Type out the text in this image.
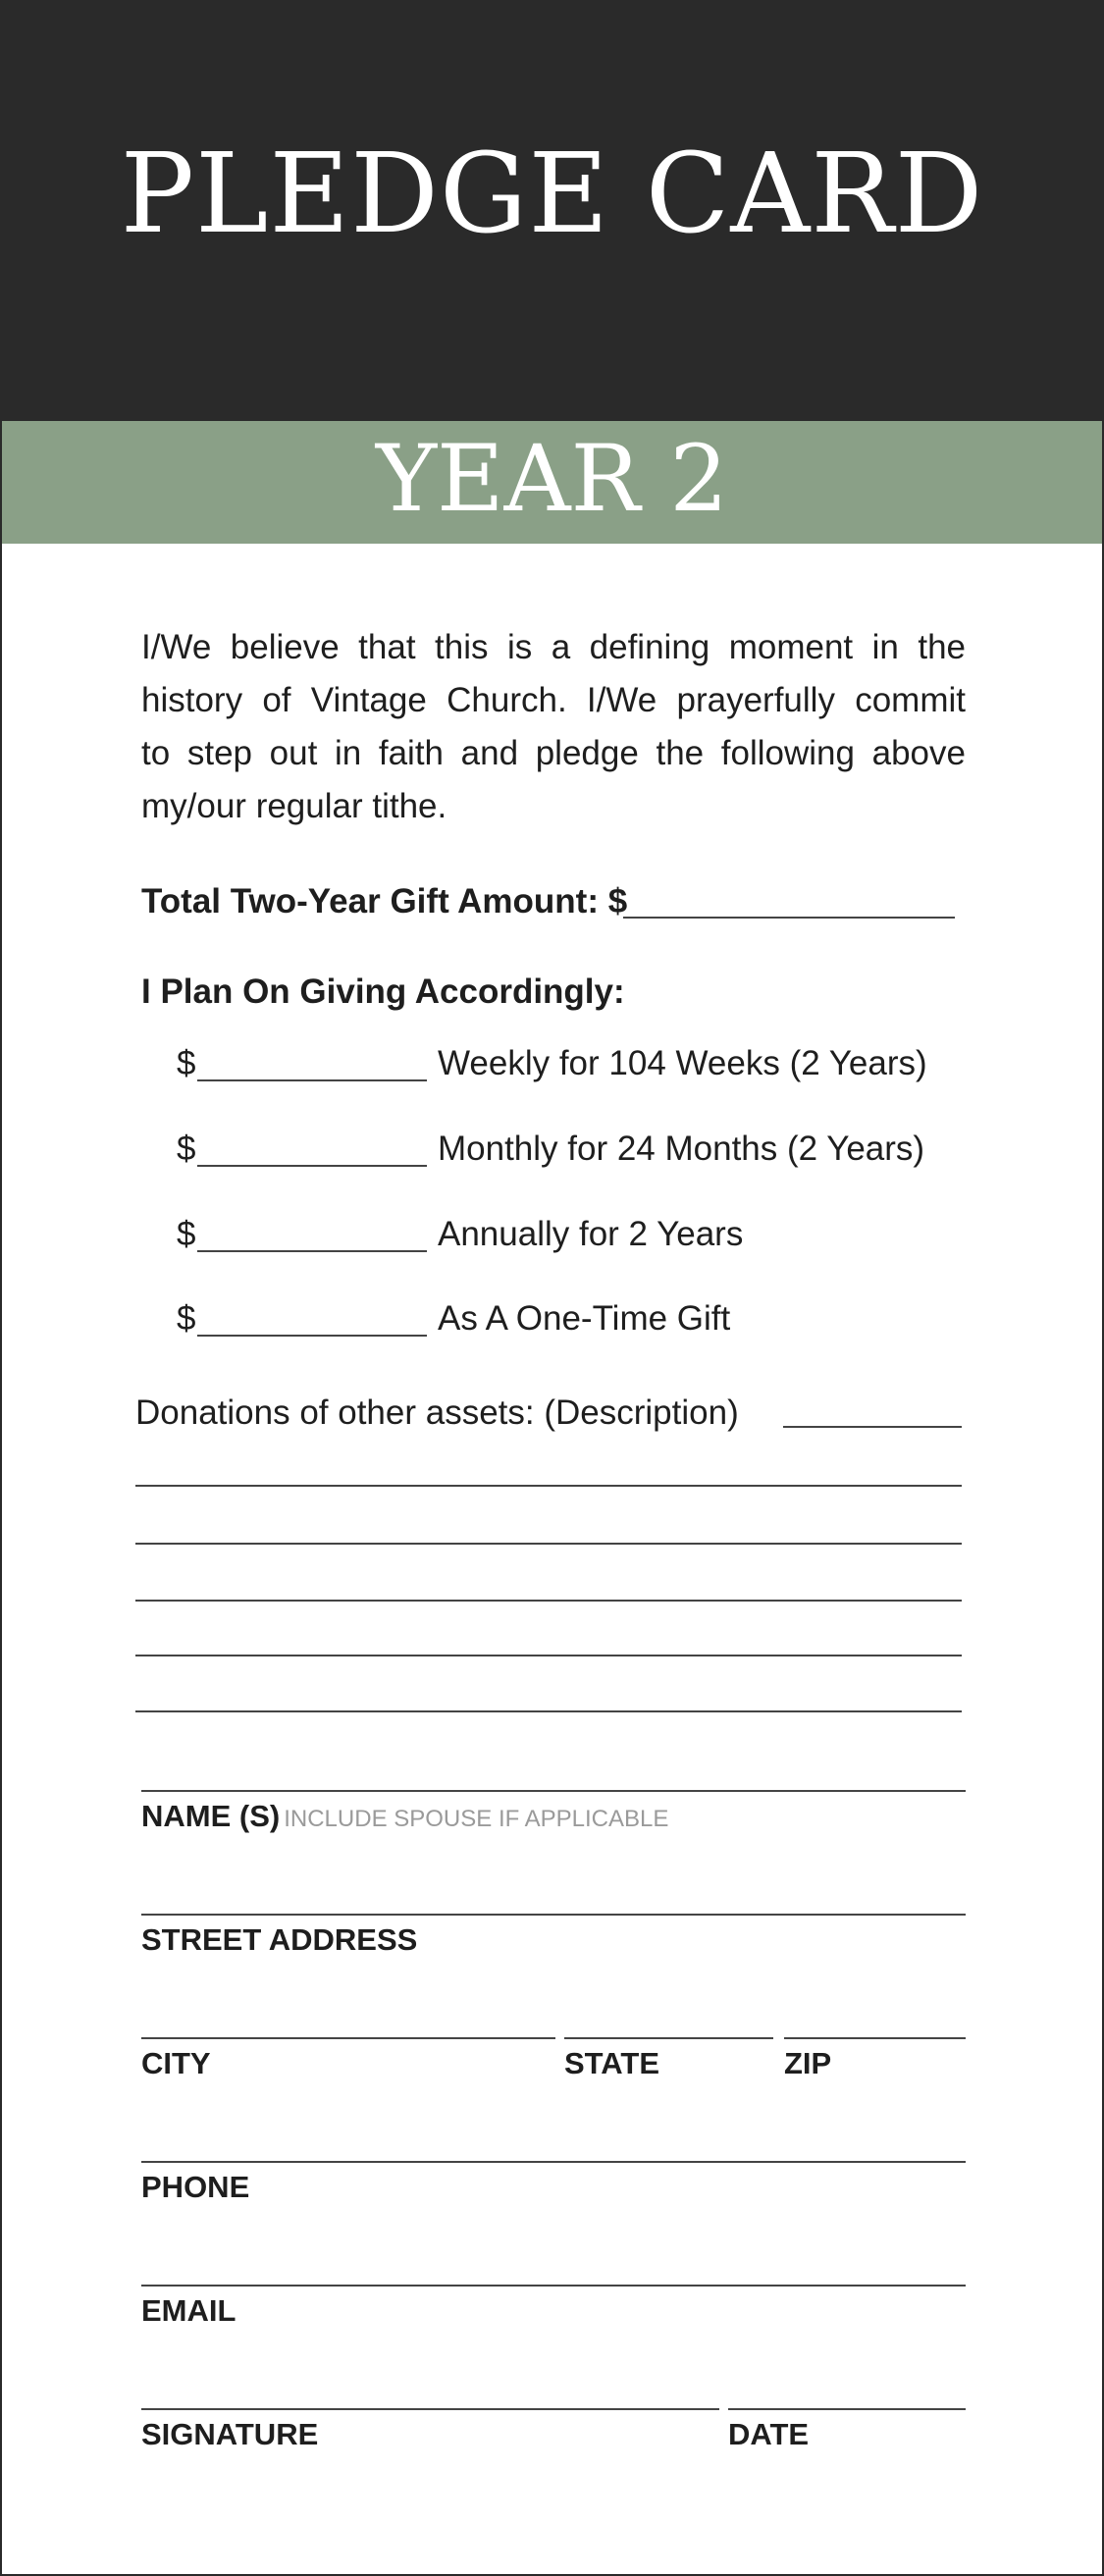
PLEDGE CARD
YEAR 2

I/We believe that this is a defining moment in the
history of Vintage Church. I/We prayerfully commit
to step out in faith and pledge the following above
my/our regular tithe.

Total Two-Year Gift Amount: $
I Plan On Giving Accordingly:
$	Weekly for 104 Weeks (2 Years)
$	Monthly for 24 Months (2 Years)
$	Annually for 2 Years
$	As A One-Time Gift
Donations of other assets: (Description)
NAME (S) INCLUDE SPOUSE IF APPLICABLE
STREET ADDRESS
CITY	STATE	ZIP
PHONE
EMAIL
SIGNATURE	DATE
